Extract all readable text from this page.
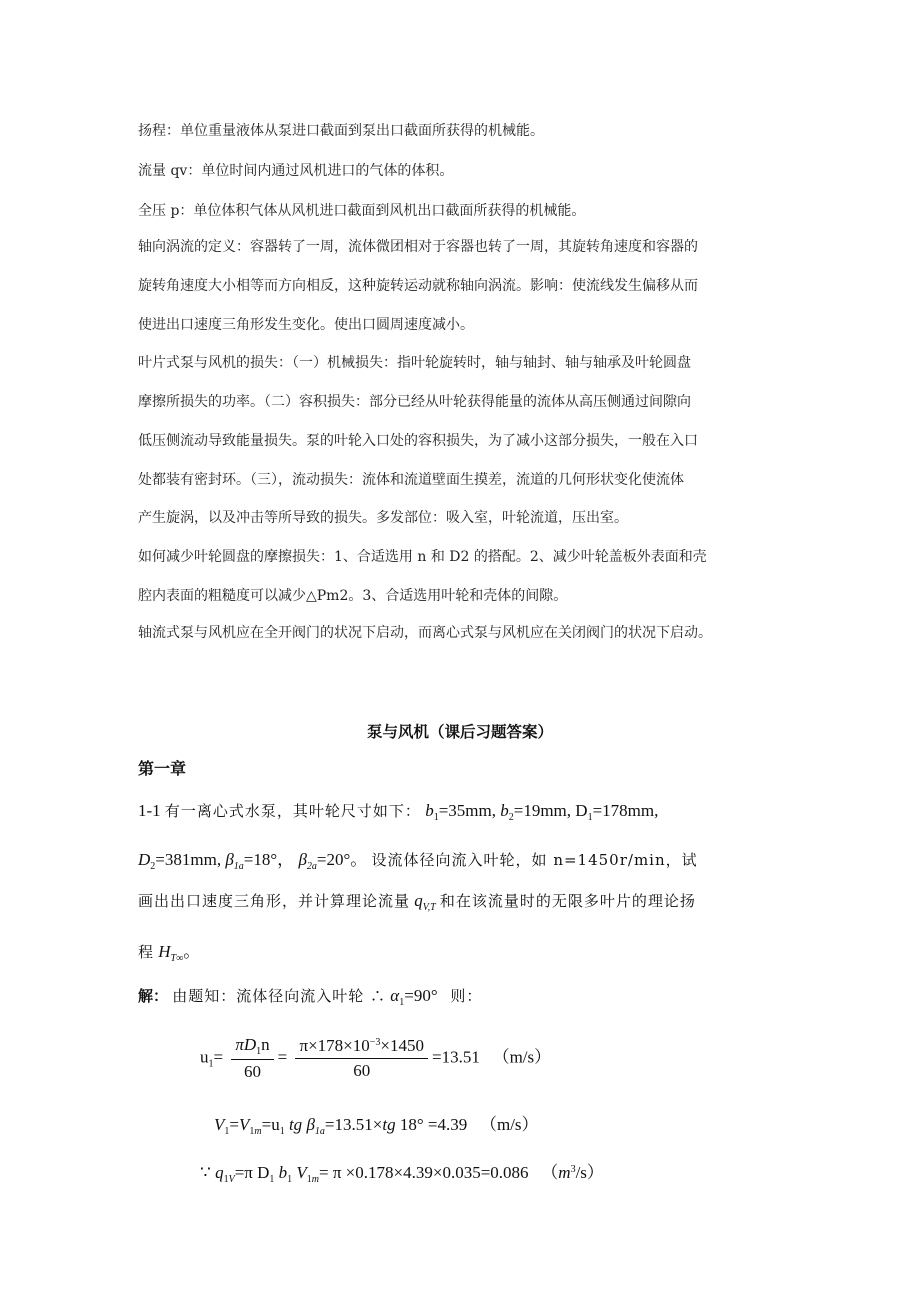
扬程：单位重量液体从泵进口截面到泵出口截面所获得的机械能。
流量 qv：单位时间内通过风机进口的气体的体积。
全压 p：单位体积气体从风机进口截面到风机出口截面所获得的机械能。
轴向涡流的定义：容器转了一周，流体微团相对于容器也转了一周，其旋转角速度和容器的
旋转角速度大小相等而方向相反，这种旋转运动就称轴向涡流。影响：使流线发生偏移从而
使进出口速度三角形发生变化。使出口圆周速度减小。
叶片式泵与风机的损失：（一）机械损失：指叶轮旋转时，轴与轴封、轴与轴承及叶轮圆盘
摩擦所损失的功率。（二）容积损失：部分已经从叶轮获得能量的流体从高压侧通过间隙向
低压侧流动导致能量损失。泵的叶轮入口处的容积损失，为了减小这部分损失，一般在入口
处都装有密封环。（三），流动损失：流体和流道壁面生摸差，流道的几何形状变化使流体
产生旋涡，以及冲击等所导致的损失。多发部位：吸入室，叶轮流道，压出室。
如何减少叶轮圆盘的摩擦损失：1、合适选用 n 和 D2 的搭配。2、减少叶轮盖板外表面和壳
腔内表面的粗糙度可以减少△Pm2。3、合适选用叶轮和壳体的间隙。
轴流式泵与风机应在全开阀门的状况下启动，而离心式泵与风机应在关闭阀门的状况下启动。
泵与风机（课后习题答案）
第一章
1-1 有一离心式水泵，其叶轮尺寸如下： $b_1=35mm$, $b_2=19mm$, $D_1=178mm$,
$D_2=381mm$, $\beta_{1a}=18^\circ$， $\beta_{2a}=20^\circ$。 设流体径向流入叶轮，如 n=1450r/min，试
画出出口速度三角形，并计算理论流量 $q_{V,T}$ 和在该流量时的无限多叶片的理论扬
程 $H_{T\infty}$。
解： 由题知：流体径向流入叶轮 ∴ $\alpha_1=90^\circ$ 则：
$u_1= \frac{\pi D_1n}{60} = \frac{\pi\times 178\times 10^{-3}\times 1450}{60} =13.51$ （m/s）
$V_1=V_{1m}=u_1$ tg $\beta_{1a}=13.51\times tg$ 18° =4.39 （m/s）
∵ $q_{1V}=\pi$ $D_1$ $b_1$ $V_{1m}= \pi \times 0.178\times 4.39\times 0.035=0.086$ $(m^3/s)$
